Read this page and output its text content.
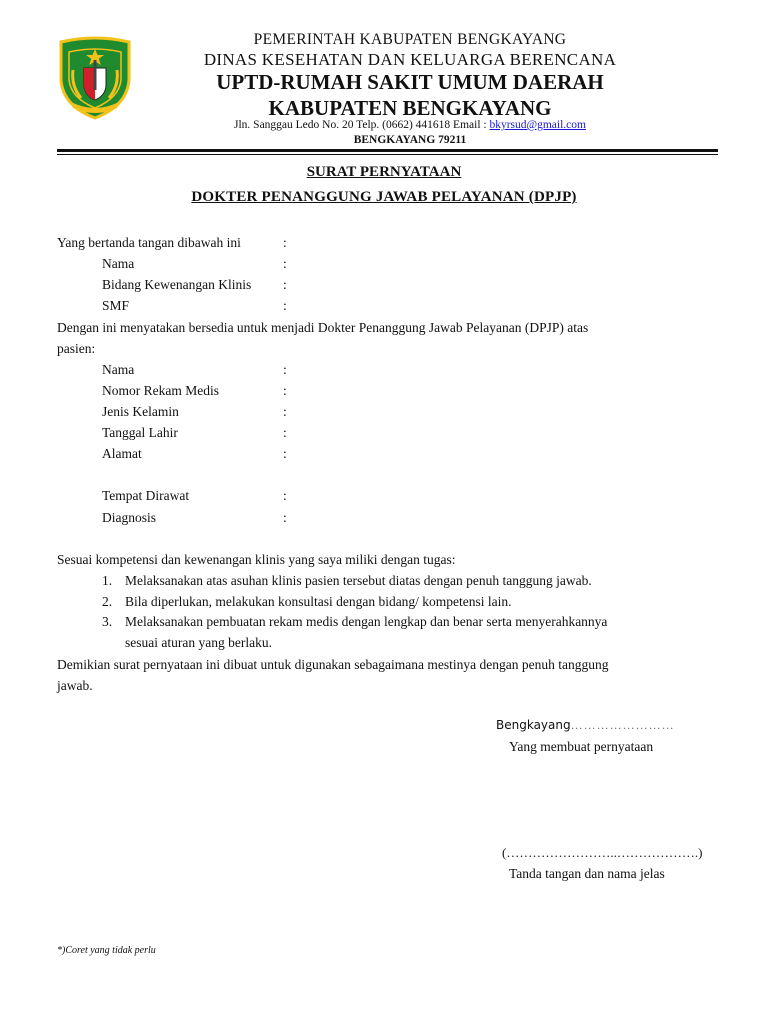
PEMERINTAH KABUPATEN BENGKAYANG
DINAS KESEHATAN DAN KELUARGA BERENCANA
UPTD-RUMAH SAKIT UMUM DAERAH
KABUPATEN BENGKAYANG
Jln. Sanggau Ledo No. 20 Telp. (0662) 441618 Email : bkyrsud@gmail.com
BENGKAYANG 79211
SURAT PERNYATAAN
DOKTER PENANGGUNG JAWAB PELAYANAN (DPJP)
Yang bertanda tangan dibawah ini	:
Nama	:
Bidang Kewenangan Klinis :
SMF	:
Dengan ini menyatakan bersedia untuk menjadi Dokter Penanggung Jawab Pelayanan (DPJP) atas
pasien:
Nama	:
Nomor Rekam Medis	:
Jenis Kelamin	:
Tanggal Lahir	:
Alamat	:
Tempat Dirawat	:
Diagnosis	:
Sesuai kompetensi dan kewenangan klinis yang saya miliki dengan tugas:
1. Melaksanakan atas asuhan klinis pasien tersebut diatas dengan penuh tanggung jawab.
2. Bila diperlukan, melakukan konsultasi dengan bidang/ kompetensi lain.
3. Melaksanakan pembuatan rekam medis dengan lengkap dan benar serta menyerahkannya
sesuai aturan yang berlaku.
Demikian surat pernyataan ini dibuat untuk digunakan sebagaimana mestinya dengan penuh tanggung
jawab.
Bengkayang……………………
Yang membuat pernyataan
(……………………..……………….)
Tanda tangan dan nama jelas
*)Coret yang tidak perlu
